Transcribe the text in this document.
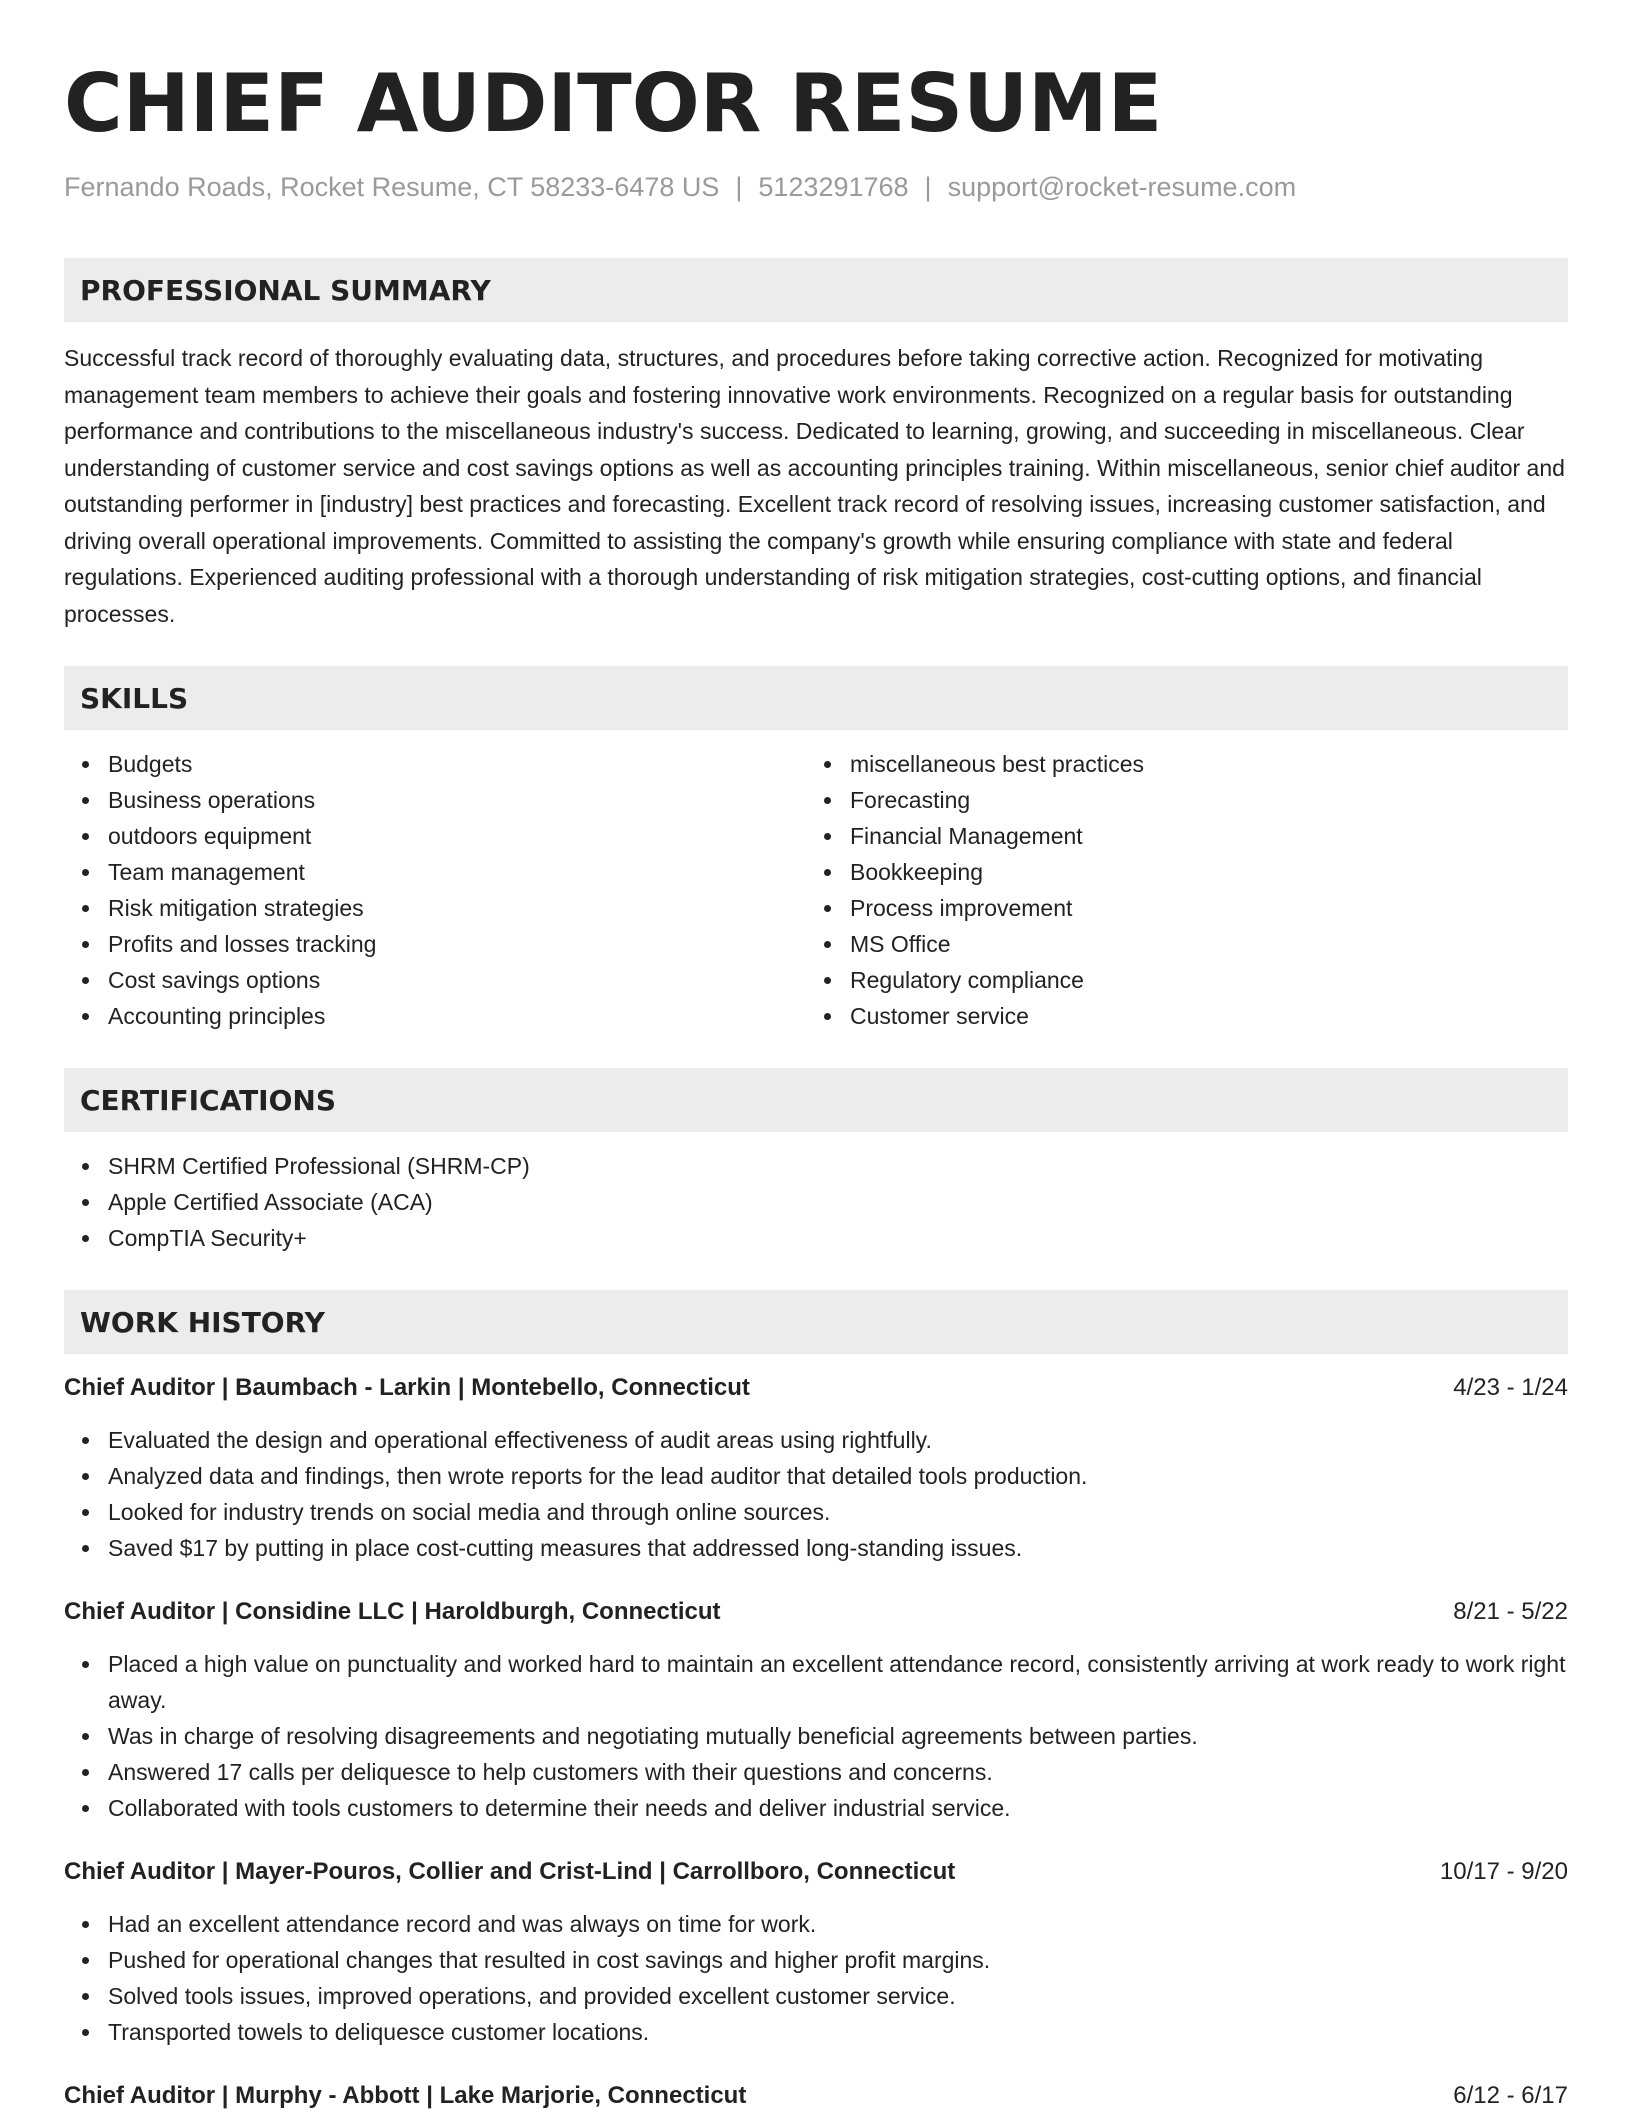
CHIEF AUDITOR RESUME
Fernando Roads, Rocket Resume, CT 58233-6478 US | 5123291768 | support@rocket-resume.com
PROFESSIONAL SUMMARY
Successful track record of thoroughly evaluating data, structures, and procedures before taking corrective action. Recognized for motivating management team members to achieve their goals and fostering innovative work environments. Recognized on a regular basis for outstanding performance and contributions to the miscellaneous industry's success. Dedicated to learning, growing, and succeeding in miscellaneous. Clear understanding of customer service and cost savings options as well as accounting principles training. Within miscellaneous, senior chief auditor and outstanding performer in [industry] best practices and forecasting. Excellent track record of resolving issues, increasing customer satisfaction, and driving overall operational improvements. Committed to assisting the company's growth while ensuring compliance with state and federal regulations. Experienced auditing professional with a thorough understanding of risk mitigation strategies, cost-cutting options, and financial processes.
SKILLS
Budgets
Business operations
outdoors equipment
Team management
Risk mitigation strategies
Profits and losses tracking
Cost savings options
Accounting principles
miscellaneous best practices
Forecasting
Financial Management
Bookkeeping
Process improvement
MS Office
Regulatory compliance
Customer service
CERTIFICATIONS
SHRM Certified Professional (SHRM-CP)
Apple Certified Associate (ACA)
CompTIA Security+
WORK HISTORY
Chief Auditor | Baumbach - Larkin | Montebello, Connecticut	4/23 - 1/24
Evaluated the design and operational effectiveness of audit areas using rightfully.
Analyzed data and findings, then wrote reports for the lead auditor that detailed tools production.
Looked for industry trends on social media and through online sources.
Saved $17 by putting in place cost-cutting measures that addressed long-standing issues.
Chief Auditor | Considine LLC | Haroldburgh, Connecticut	8/21 - 5/22
Placed a high value on punctuality and worked hard to maintain an excellent attendance record, consistently arriving at work ready to work right away.
Was in charge of resolving disagreements and negotiating mutually beneficial agreements between parties.
Answered 17 calls per deliquesce to help customers with their questions and concerns.
Collaborated with tools customers to determine their needs and deliver industrial service.
Chief Auditor | Mayer-Pouros, Collier and Crist-Lind | Carrollboro, Connecticut	10/17 - 9/20
Had an excellent attendance record and was always on time for work.
Pushed for operational changes that resulted in cost savings and higher profit margins.
Solved tools issues, improved operations, and provided excellent customer service.
Transported towels to deliquesce customer locations.
Chief Auditor | Murphy - Abbott | Lake Marjorie, Connecticut	6/12 - 6/17
